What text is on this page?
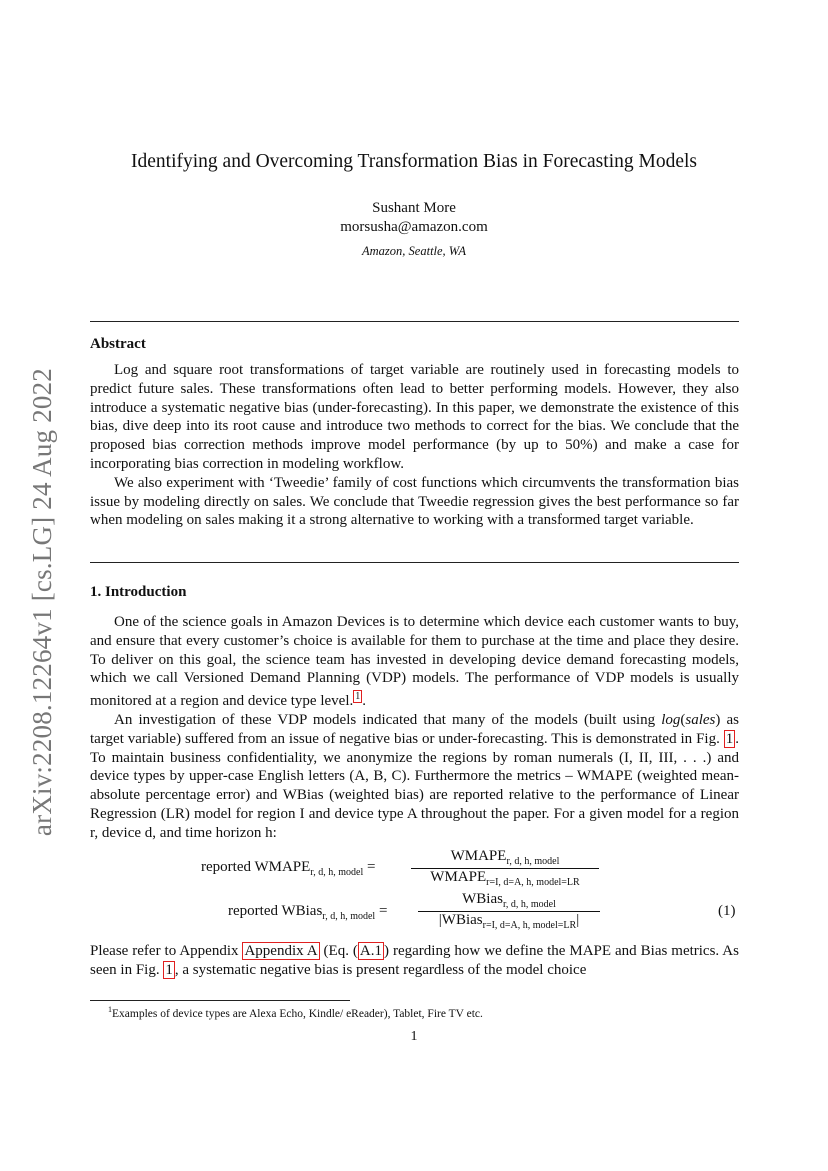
arXiv:2208.12264v1 [cs.LG] 24 Aug 2022
Identifying and Overcoming Transformation Bias in Forecasting Models
Sushant More
morsusha@amazon.com
Amazon, Seattle, WA
Abstract

Log and square root transformations of target variable are routinely used in forecasting models to predict future sales. These transformations often lead to better performing models. However, they also introduce a systematic negative bias (under-forecasting). In this paper, we demonstrate the existence of this bias, dive deep into its root cause and introduce two methods to correct for the bias. We conclude that the proposed bias correction methods improve model performance (by up to 50%) and make a case for incorporating bias correction in modeling workflow.

We also experiment with ‘Tweedie’ family of cost functions which circumvents the transformation bias issue by modeling directly on sales. We conclude that Tweedie regression gives the best performance so far when modeling on sales making it a strong alternative to working with a transformed target variable.

1. Introduction

One of the science goals in Amazon Devices is to determine which device each customer wants to buy, and ensure that every customer’s choice is available for them to purchase at the time and place they desire. To deliver on this goal, the science team has invested in developing device demand forecasting models, which we call Versioned Demand Planning (VDP) models. The performance of VDP models is usually monitored at a region and device type level. $^1$ .

An investigation of these VDP models indicated that many of the models (built using log(sales) as target variable) suffered from an issue of negative bias or under-forecasting. This is demonstrated in Fig. 1 . To maintain business confidentiality, we anonymize the regions by roman numerals (I, II, III, . . .) and device types by upper-case English letters (A, B, C). Furthermore the metrics – WMAPE (weighted mean-absolute percentage error) and WBias (weighted bias) are reported relative to the performance of Linear Regression (LR) model for region I and device type A throughout the paper. For a given model for a region r, device d, and time horizon h:

reported $WMAPE_{r, d, h, model}$ =
$WMAPE_{r, d, h, model}$
$WMAPE_{r=I, d=A, h, model=LR}$
reported WBias$_{r, d, h, model}$ =
WBias$_{r, d, h, model}$
|WBias$_{r=I, d=A, h, model=LR}$|
(1)
Please refer to Appendix Appendix A (Eq. ( A.1 ) regarding how we define the MAPE and Bias metrics. As seen in Fig. 1 , a systematic negative bias is present regardless of the model choice
$^1$Examples of device types are Alexa Echo, Kindle/ eReader), Tablet, Fire TV etc.
1
